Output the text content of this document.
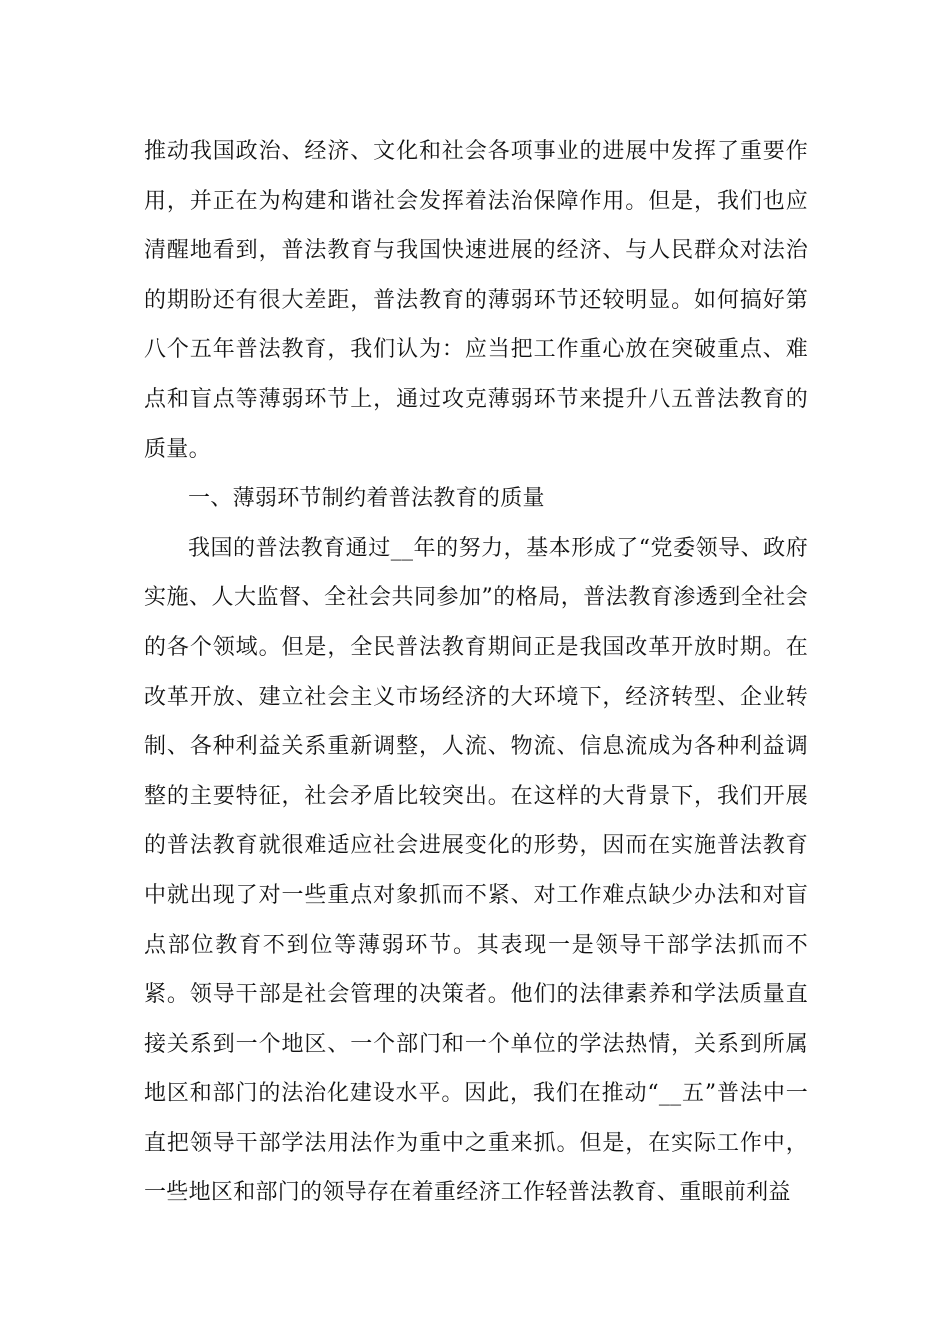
推动我国政治、经济、文化和社会各项事业的进展中发挥了重要作用，并正在为构建和谐社会发挥着法治保障作用。但是，我们也应清醒地看到，普法教育与我国快速进展的经济、与人民群众对法治的期盼还有很大差距，普法教育的薄弱环节还较明显。如何搞好第八个五年普法教育，我们认为：应当把工作重心放在突破重点、难点和盲点等薄弱环节上，通过攻克薄弱环节来提升八五普法教育的质量。

一、薄弱环节制约着普法教育的质量

我国的普法教育通过__年的努力，基本形成了“党委领导、政府实施、人大监督、全社会共同参加”的格局，普法教育渗透到全社会的各个领域。但是，全民普法教育期间正是我国改革开放时期。在改革开放、建立社会主义市场经济的大环境下，经济转型、企业转制、各种利益关系重新调整，人流、物流、信息流成为各种利益调整的主要特征，社会矛盾比较突出。在这样的大背景下，我们开展的普法教育就很难适应社会进展变化的形势，因而在实施普法教育中就出现了对一些重点对象抓而不紧、对工作难点缺少办法和对盲点部位教育不到位等薄弱环节。其表现一是领导干部学法抓而不紧。领导干部是社会管理的决策者。他们的法律素养和学法质量直接关系到一个地区、一个部门和一个单位的学法热情，关系到所属地区和部门的法治化建设水平。因此，我们在推动“__五”普法中一直把领导干部学法用法作为重中之重来抓。但是，在实际工作中，一些地区和部门的领导存在着重经济工作轻普法教育、重眼前利益
